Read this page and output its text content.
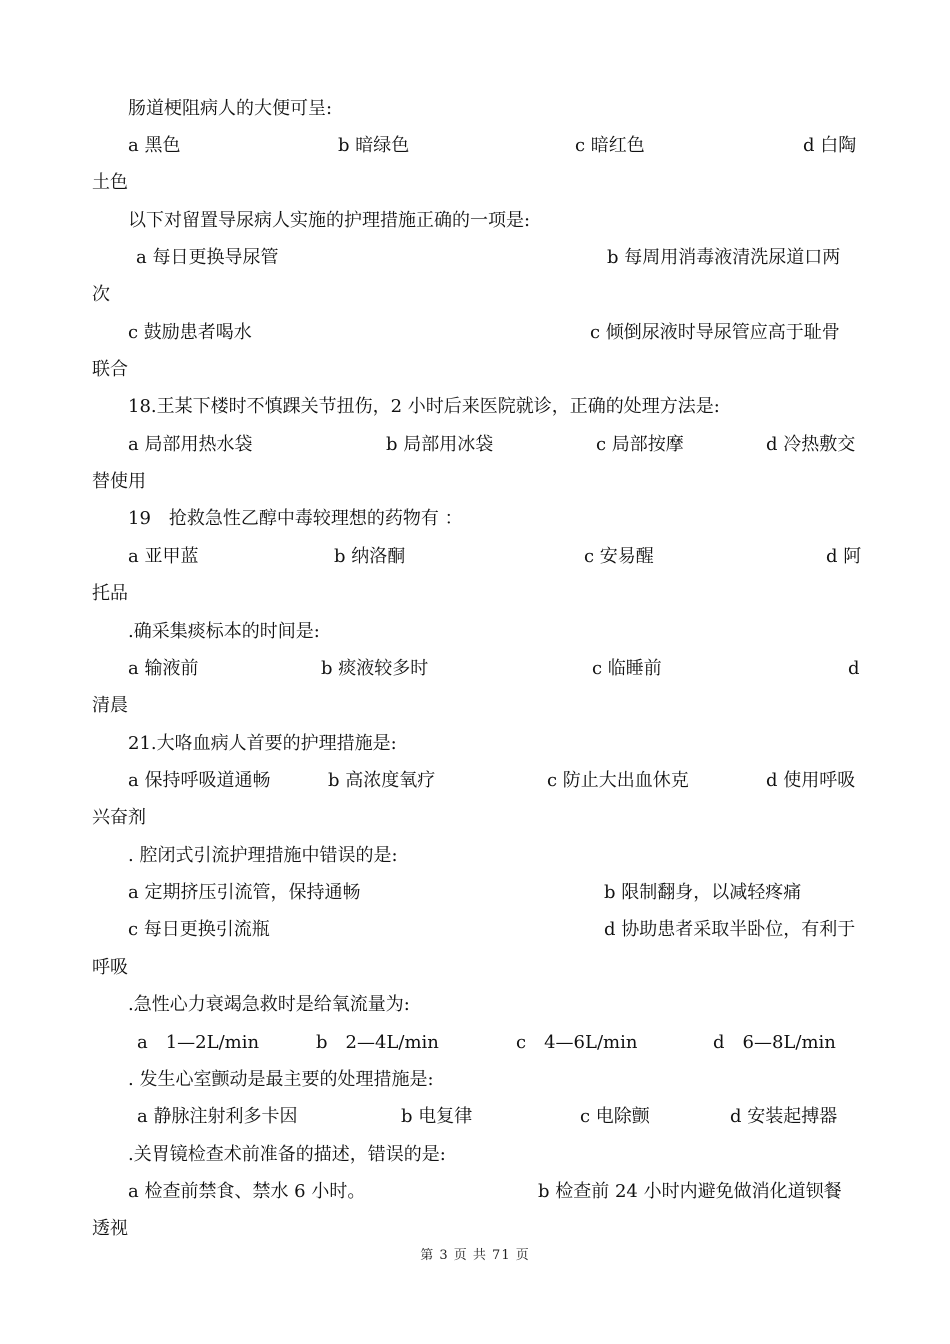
肠道梗阻病人的大便可呈:
a 黑色	b 暗绿色	c 暗红色	d 白陶
土色
以下对留置导尿病人实施的护理措施正确的一项是:
a 每日更换导尿管	b 每周用消毒液清洗尿道口两
次
c 鼓励患者喝水	c 倾倒尿液时导尿管应高于耻骨
联合
18.王某下楼时不慎踝关节扭伤，2 小时后来医院就诊，正确的处理方法是:
a 局部用热水袋	b 局部用冰袋	c 局部按摩	d 冷热敷交
替使用
19　抢救急性乙醇中毒较理想的药物有 ：
a 亚甲蓝	b 纳洛酮	c 安易醒	d 阿
托品
.确采集痰标本的时间是:
a 输液前	b 痰液较多时	c 临睡前	d
清晨
21.大咯血病人首要的护理措施是:
a 保持呼吸道通畅	b 高浓度氧疗	c 防止大出血休克	d 使用呼吸
兴奋剂
. 腔闭式引流护理措施中错误的是:
a 定期挤压引流管，保持通畅	b 限制翻身，以减轻疼痛
c 每日更换引流瓶	d 协助患者采取半卧位，有利于
呼吸
.急性心力衰竭急救时是给氧流量为:
a　1—2L/min	b　2—4L/min	c　4—6L/min	d　6—8L/min
. 发生心室颤动是最主要的处理措施是:
a 静脉注射利多卡因	b 电复律	c 电除颤	d 安装起搏器
.关胃镜检查术前准备的描述，错误的是:
a 检查前禁食、禁水 6 小时。	b 检查前 24 小时内避免做消化道钡餐
透视
第 3 页 共 71 页
